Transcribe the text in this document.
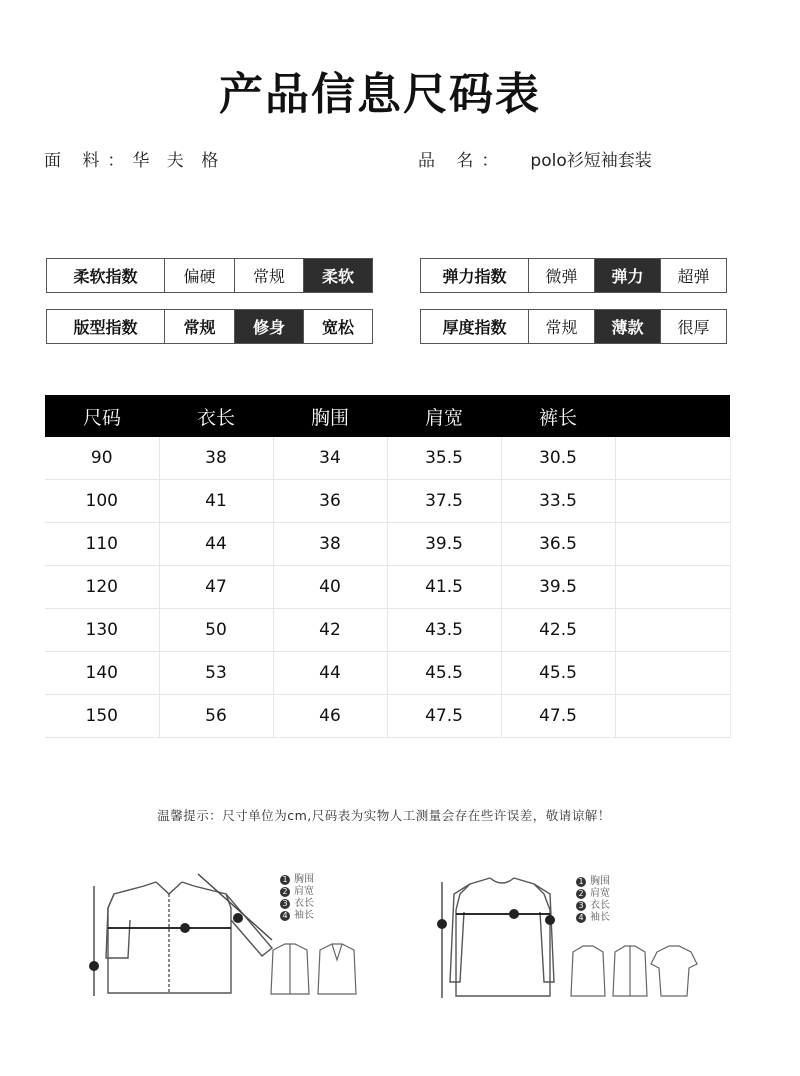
产品信息尺码表
面 料：华 夫 格	品 名： polo衫短袖套装
柔软指数	偏硬	常规	柔软
版型指数	常规	修身	宽松
弹力指数	微弹	弹力	超弹
厚度指数	常规	薄款	很厚
尺码	衣长	胸围	肩宽	裤长	
90	38	34	35.5	30.5	
100	41	36	37.5	33.5	
110	44	38	39.5	36.5	
120	47	40	41.5	39.5	
130	50	42	43.5	42.5	
140	53	44	45.5	45.5	
150	56	46	47.5	47.5	
温馨提示：尺寸单位为cm,尺码表为实物人工测量会存在些许误差，敬请谅解！
1 胸围
2 肩宽
3 衣长
4 袖长
1 胸围
2 肩宽
3 衣长
4 袖长
